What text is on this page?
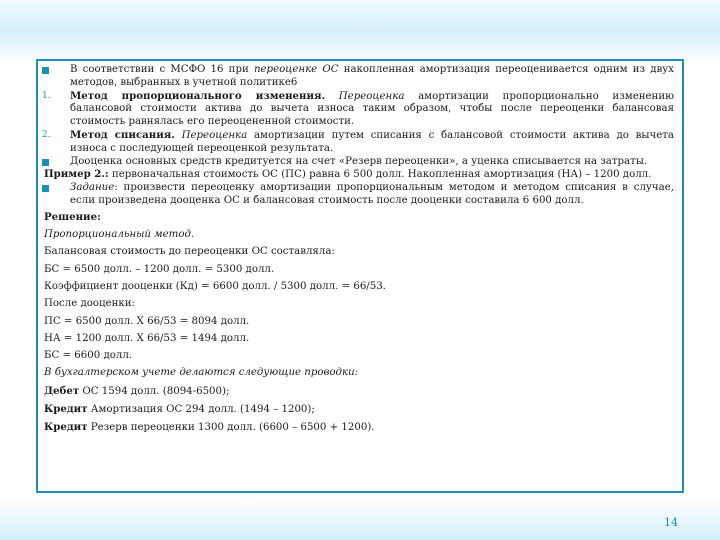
В соответствии с МСФО 16 при переоценке ОС накопленная амортизация переоценивается одним из двух методов, выбранных в учетной политике6
1.	Метод пропорционального изменения. Переоценка амортизации пропорционально изменению балансовой стоимости актива до вычета износа таким образом, чтобы после переоценки балансовая стоимость равнялась его переоцененной стоимости.
2.	Метод списания. Переоценка амортизации путем списания с балансовой стоимости актива до вычета износа с последующей переоценкой результата.
Дооценка основных средств кредитуется на счет «Резерв переоценки», а уценка списывается на затраты.
Пример 2.: первоначальная стоимость ОС (ПС) равна 6 500 долл. Накопленная амортизация (НА) – 1200 долл.
Задание: произвести переоценку амортизации пропорциональным методом и методом списания в случае, если произведена дооценка ОС и балансовая стоимость после дооценки составила 6 600 долл.
Решение:
Пропорциональный метод.
Балансовая стоимость до переоценки ОС составляла:
БС = 6500 долл. – 1200 долл. = 5300 долл.
Коэффициент дооценки (Кд) = 6600 долл. / 5300 долл. = 66/53.
После дооценки:
ПС = 6500 долл. Х 66/53 = 8094 долл.
НА = 1200 долл. Х 66/53 = 1494 долл.
БС = 6600 долл.
В бухгалтерском учете делаются следующие проводки:
Дебет ОС 1594 долл. (8094-6500);
Кредит Амортизация ОС 294 долл. (1494 – 1200);
Кредит Резерв переоценки 1300 долл. (6600 – 6500 + 1200).
14
